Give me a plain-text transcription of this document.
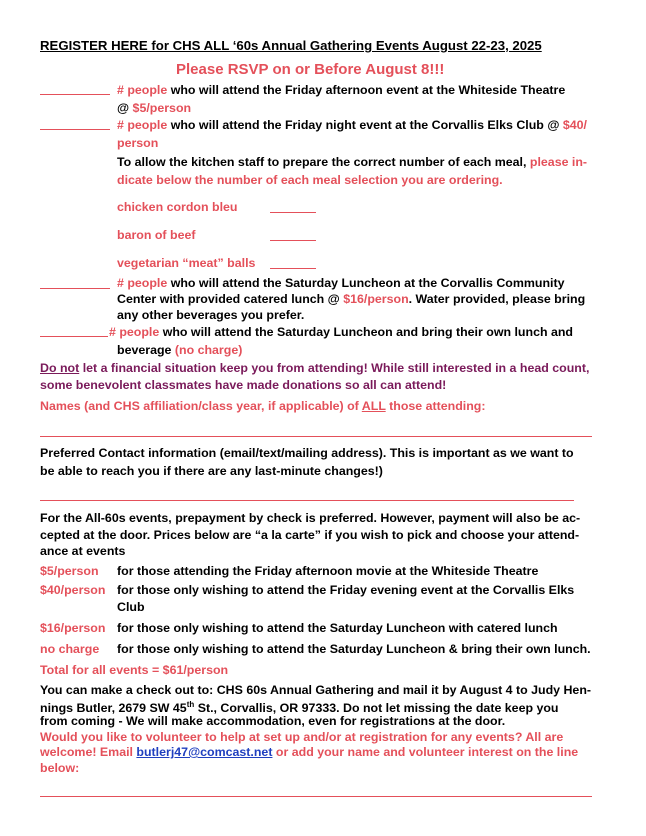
REGISTER HERE for CHS ALL ‘60s Annual Gathering Events August 22-23, 2025
Please RSVP on or Before August 8!!!
# people who will attend the Friday afternoon event at the Whiteside Theatre
@ $5/person
# people who will attend the Friday night event at the Corvallis Elks Club @ $40/
person
To allow the kitchen staff to prepare the correct number of each meal, please in-
dicate below the number of each meal selection you are ordering.
chicken cordon bleu
baron of beef
vegetarian “meat” balls
# people who will attend the Saturday Luncheon at the Corvallis Community
Center with provided catered lunch @ $16/person. Water provided, please bring
any other beverages you prefer.
# people who will attend the Saturday Luncheon and bring their own lunch and
beverage (no charge)
Do not let a financial situation keep you from attending! While still interested in a head count,
some benevolent classmates have made donations so all can attend!
Names (and CHS affiliation/class year, if applicable) of ALL those attending:
Preferred Contact information (email/text/mailing address). This is important as we want to
be able to reach you if there are any last-minute changes!)
For the All-60s events, prepayment by check is preferred. However, payment will also be ac-
cepted at the door. Prices below are “a la carte” if you wish to pick and choose your attend-
ance at events
$5/person for those attending the Friday afternoon movie at the Whiteside Theatre
$40/person for those only wishing to attend the Friday evening event at the Corvallis Elks
Club
$16/person for those only wishing to attend the Saturday Luncheon with catered lunch
no charge for those only wishing to attend the Saturday Luncheon & bring their own lunch.
Total for all events = $61/person
You can make a check out to: CHS 60s Annual Gathering and mail it by August 4 to Judy Hen-
nings Butler, 2679 SW 45th St., Corvallis, OR 97333. Do not let missing the date keep you
from coming - We will make accommodation, even for registrations at the door.
Would you like to volunteer to help at set up and/or at registration for any events? All are
welcome! Email butlerj47@comcast.net or add your name and volunteer interest on the line
below:
